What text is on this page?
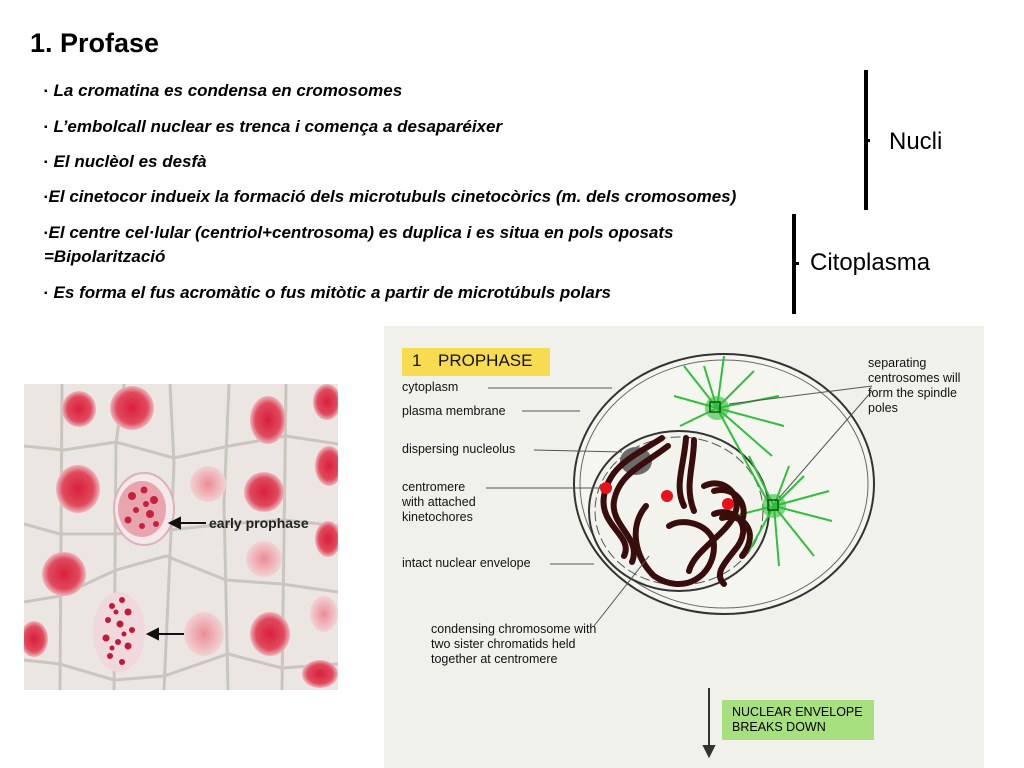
1. Profase
▪ La cromatina es condensa en cromosomes
▪ L’embolcall nuclear es trenca i comença a desaparéixer
▪ El nuclèol es desfà
▪El cinetocor indueix la formació dels microtubuls cinetocòrics (m. dels cromosomes)
▪El centre cel·lular (centriol+centrosoma) es duplica i es situa en pols oposats
=Bipolarització
▪ Es forma el fus acromàtic o fus mitòtic a partir de microtúbuls polars
Nucli
Citoplasma
early prophase
1 PROPHASE
cytoplasm
plasma membrane
dispersing nucleolus
centromere
with attached
kinetochores
intact nuclear envelope
condensing chromosome with
two sister chromatids held
together at centromere
separating
centrosomes will
form the spindle
poles
NUCLEAR ENVELOPE
BREAKS DOWN
